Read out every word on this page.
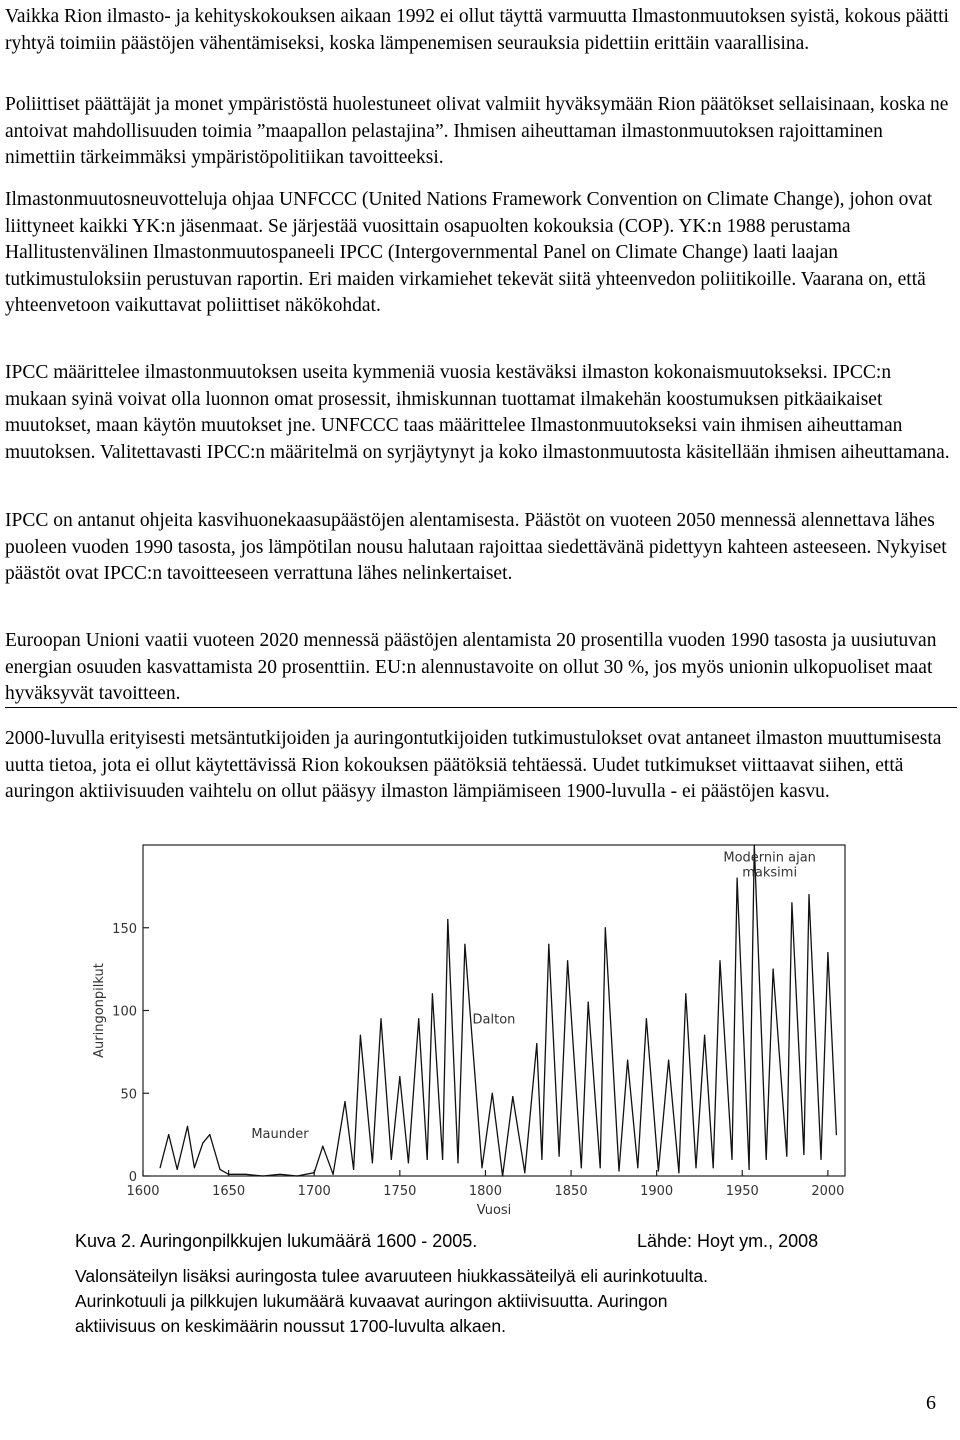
Vaikka Rion ilmasto- ja kehityskokouksen aikaan 1992 ei ollut täyttä varmuutta Ilmastonmuutoksen syistä, kokous päätti ryhtyä toimiin päästöjen vähentämiseksi, koska lämpenemisen seurauksia pidettiin erittäin vaarallisina.

Poliittiset päättäjät ja monet ympäristöstä huolestuneet olivat valmiit hyväksymään Rion päätökset sellaisinaan, koska ne antoivat mahdollisuuden toimia ”maapallon pelastajina”. Ihmisen aiheuttaman ilmastonmuutoksen rajoittaminen nimettiin tärkeimmäksi ympäristöpolitiikan tavoitteeksi.

Ilmastonmuutosneuvotteluja ohjaa UNFCCC (United Nations Framework Convention on Climate Change), johon ovat liittyneet kaikki YK:n jäsenmaat. Se järjestää vuosittain osapuolten kokouksia (COP). YK:n 1988 perustama Hallitustenvälinen Ilmastonmuutospaneeli IPCC (Intergovernmental Panel on Climate Change) laati laajan tutkimustuloksiin perustuvan raportin. Eri maiden virkamiehet tekevät siitä yhteenvedon poliitikoille. Vaarana on, että yhteenvetoon vaikuttavat poliittiset näkökohdat.

IPCC määrittelee ilmastonmuutoksen useita kymmeniä vuosia kestäväksi ilmaston kokonaismuutokseksi. IPCC:n mukaan syinä voivat olla luonnon omat prosessit, ihmiskunnan tuottamat ilmakehän koostumuksen pitkäaikaiset muutokset, maan käytön muutokset jne. UNFCCC taas määrittelee Ilmastonmuutokseksi vain ihmisen aiheuttaman muutoksen. Valitettavasti IPCC:n määritelmä on syrjäytynyt ja koko ilmastonmuutosta käsitellään ihmisen aiheuttamana.

IPCC on antanut ohjeita kasvihuonekaasupäästöjen alentamisesta. Päästöt on vuoteen 2050 mennessä alennettava lähes puoleen vuoden 1990 tasosta, jos lämpötilan nousu halutaan rajoittaa siedettävänä pidettyyn kahteen asteeseen. Nykyiset päästöt ovat IPCC:n tavoitteeseen verrattuna lähes nelinkertaiset.

Euroopan Unioni vaatii vuoteen 2020 mennessä päästöjen alentamista 20 prosentilla vuoden 1990 tasosta ja uusiutuvan energian osuuden kasvattamista 20 prosenttiin. EU:n alennustavoite on ollut 30 %, jos myös unionin ulkopuoliset maat hyväksyvät tavoitteen.

2000-luvulla erityisesti metsäntutkijoiden ja auringontutkijoiden tutkimustulokset ovat antaneet ilmaston muuttumisesta uutta tietoa, jota ei ollut käytettävissä Rion kokouksen päätöksiä tehtäessä. Uudet tutkimukset viittaavat siihen, että auringon aktiivisuuden vaihtelu on ollut pääsyy ilmaston lämpiämiseen 1900-luvulla - ei päästöjen kasvu.

0
50
100
150
1600	1650	1700	1750	1800	1850	1900	1950	2000
Vuosi
Auringonpilkut
Maunder
Dalton
Modernin ajan maksimi

Kuva 2. Auringonpilkkujen lukumäärä 1600 - 2005.	Lähde: Hoyt ym., 2008

Valonsäteilyn lisäksi auringosta tulee avaruuteen hiukkassäteilyä eli aurinkotuulta.
Aurinkotuuli ja pilkkujen lukumäärä kuvaavat auringon aktiivisuutta. Auringon
aktiivisuus on keskimäärin noussut 1700-luvulta alkaen.

6
